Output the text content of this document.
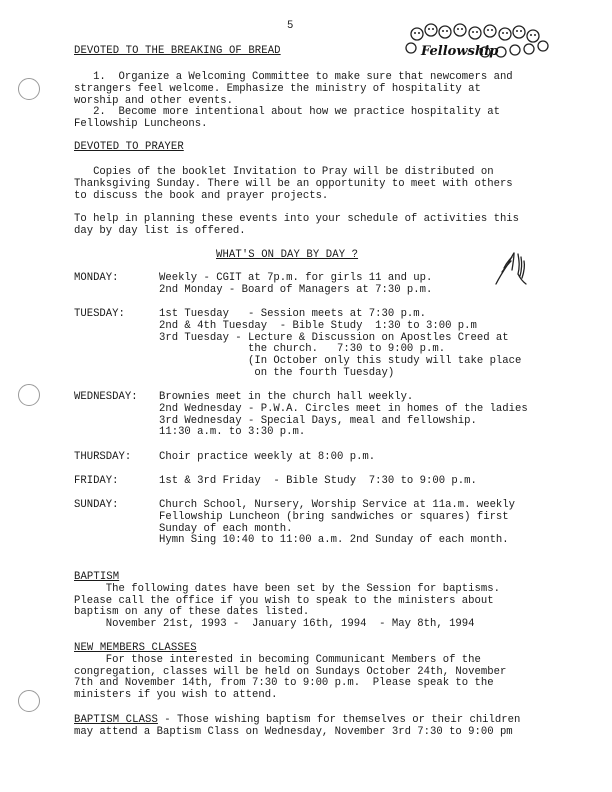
5
Fellowship
DEVOTED TO THE BREAKING OF BREAD
1.  Organize a Welcoming Committee to make sure that newcomers and
strangers feel welcome. Emphasize the ministry of hospitality at
worship and other events.
2.  Become more intentional about how we practice hospitality at
Fellowship Luncheons.
DEVOTED TO PRAYER
Copies of the booklet Invitation to Pray will be distributed on
Thanksgiving Sunday. There will be an opportunity to meet with others
to discuss the book and prayer projects.
To help in planning these events into your schedule of activities this
day by day list is offered.
WHAT'S ON DAY BY DAY ?
MONDAY:	Weekly - CGIT at 7p.m. for girls 11 and up.
2nd Monday - Board of Managers at 7:30 p.m.
TUESDAY:	1st Tuesday   - Session meets at 7:30 p.m.
2nd & 4th Tuesday  - Bible Study  1:30 to 3:00 p.m
3rd Tuesday - Lecture & Discussion on Apostles Creed at
the church.   7:30 to 9:00 p.m.
(In October only this study will take place
on the fourth Tuesday)
WEDNESDAY: Brownies meet in the church hall weekly.
2nd Wednesday - P.W.A. Circles meet in homes of the ladies
3rd Wednesday - Special Days, meal and fellowship.
11:30 a.m. to 3:30 p.m.
THURSDAY:	Choir practice weekly at 8:00 p.m.
FRIDAY:	1st & 3rd Friday  - Bible Study  7:30 to 9:00 p.m.
SUNDAY:	Church School, Nursery, Worship Service at 11a.m. weekly
Fellowship Luncheon (bring sandwiches or squares) first
Sunday of each month.
Hymn Sing 10:40 to 11:00 a.m. 2nd Sunday of each month.
BAPTISM
The following dates have been set by the Session for baptisms.
Please call the office if you wish to speak to the ministers about
baptism on any of these dates listed.
November 21st, 1993 -  January 16th, 1994  - May 8th, 1994
NEW MEMBERS CLASSES
For those interested in becoming Communicant Members of the
congregation, classes will be held on Sundays October 24th, November
7th and November 14th, from 7:30 to 9:00 p.m.  Please speak to the
ministers if you wish to attend.
BAPTISM CLASS - Those wishing baptism for themselves or their children
may attend a Baptism Class on Wednesday, November 3rd 7:30 to 9:00 pm
